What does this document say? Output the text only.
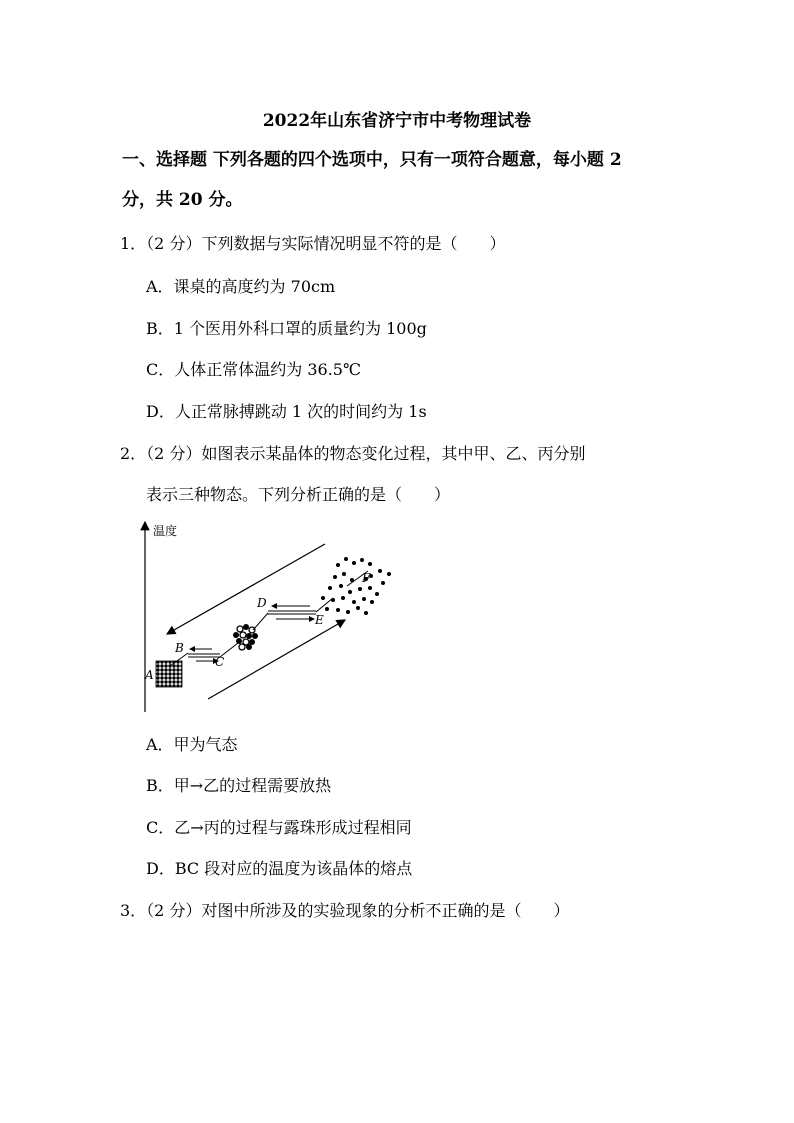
2022年山东省济宁市中考物理试卷
一、选择题 下列各题的四个选项中，只有一项符合题意，每小题 2
分，共 20 分。
1．（2 分）下列数据与实际情况明显不符的是（　　）
A．课桌的高度约为 70cm
B．1 个医用外科口罩的质量约为 100g
C．人体正常体温约为 36.5℃
D．人正常脉搏跳动 1 次的时间约为 1s
2．（2 分）如图表示某晶体的物态变化过程，其中甲、乙、丙分别
表示三种物态。下列分析正确的是（　　）
温度
A
B
C
D
E
F
A．甲为气态
B．甲→乙的过程需要放热
C．乙→丙的过程与露珠形成过程相同
D．BC 段对应的温度为该晶体的熔点
3．（2 分）对图中所涉及的实验现象的分析不正确的是（　　）
